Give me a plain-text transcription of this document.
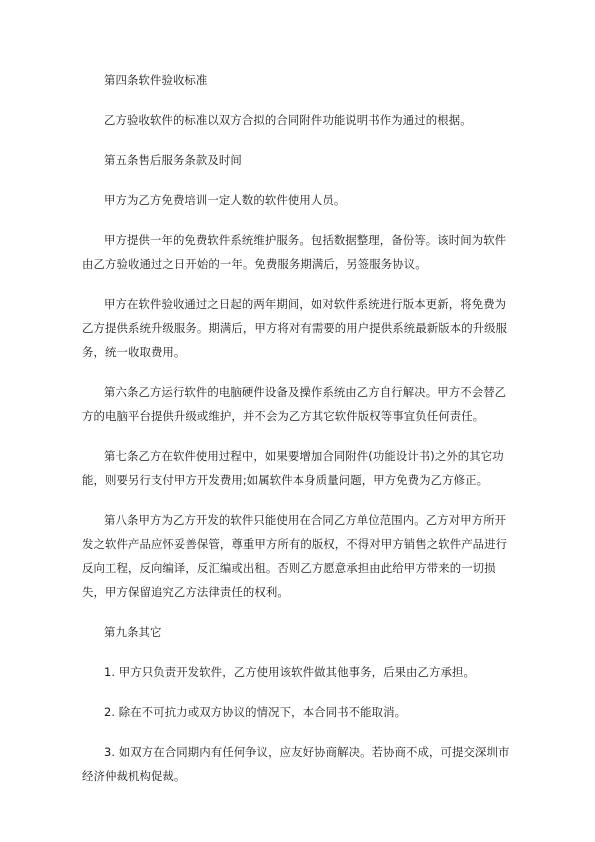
第四条软件验收标准

乙方验收软件的标准以双方合拟的合同附件功能说明书作为通过的根据。

第五条售后服务条款及时间

甲方为乙方免费培训一定人数的软件使用人员。

甲方提供一年的免费软件系统维护服务。包括数据整理，备份等。该时间为软件由乙方验收通过之日开始的一年。免费服务期满后，另签服务协议。

甲方在软件验收通过之日起的两年期间，如对软件系统进行版本更新，将免费为乙方提供系统升级服务。期满后，甲方将对有需要的用户提供系统最新版本的升级服务，统一收取费用。

第六条乙方运行软件的电脑硬件设备及操作系统由乙方自行解决。甲方不会替乙方的电脑平台提供升级或维护，并不会为乙方其它软件版权等事宜负任何责任。

第七条乙方在软件使用过程中，如果要增加合同附件(功能设计书)之外的其它功能，则要另行支付甲方开发费用;如属软件本身质量问题，甲方免费为乙方修正。

第八条甲方为乙方开发的软件只能使用在合同乙方单位范围内。乙方对甲方所开发之软件产品应怀妥善保管，尊重甲方所有的版权，不得对甲方销售之软件产品进行反向工程，反向编译，反汇编或出租。否则乙方愿意承担由此给甲方带来的一切损失，甲方保留追究乙方法律责任的权利。

第九条其它

1. 甲方只负责开发软件，乙方使用该软件做其他事务，后果由乙方承担。

2. 除在不可抗力或双方协议的情况下，本合同书不能取消。

3. 如双方在合同期内有任何争议，应友好协商解决。若协商不成，可提交深圳市经济仲裁机构促裁。
